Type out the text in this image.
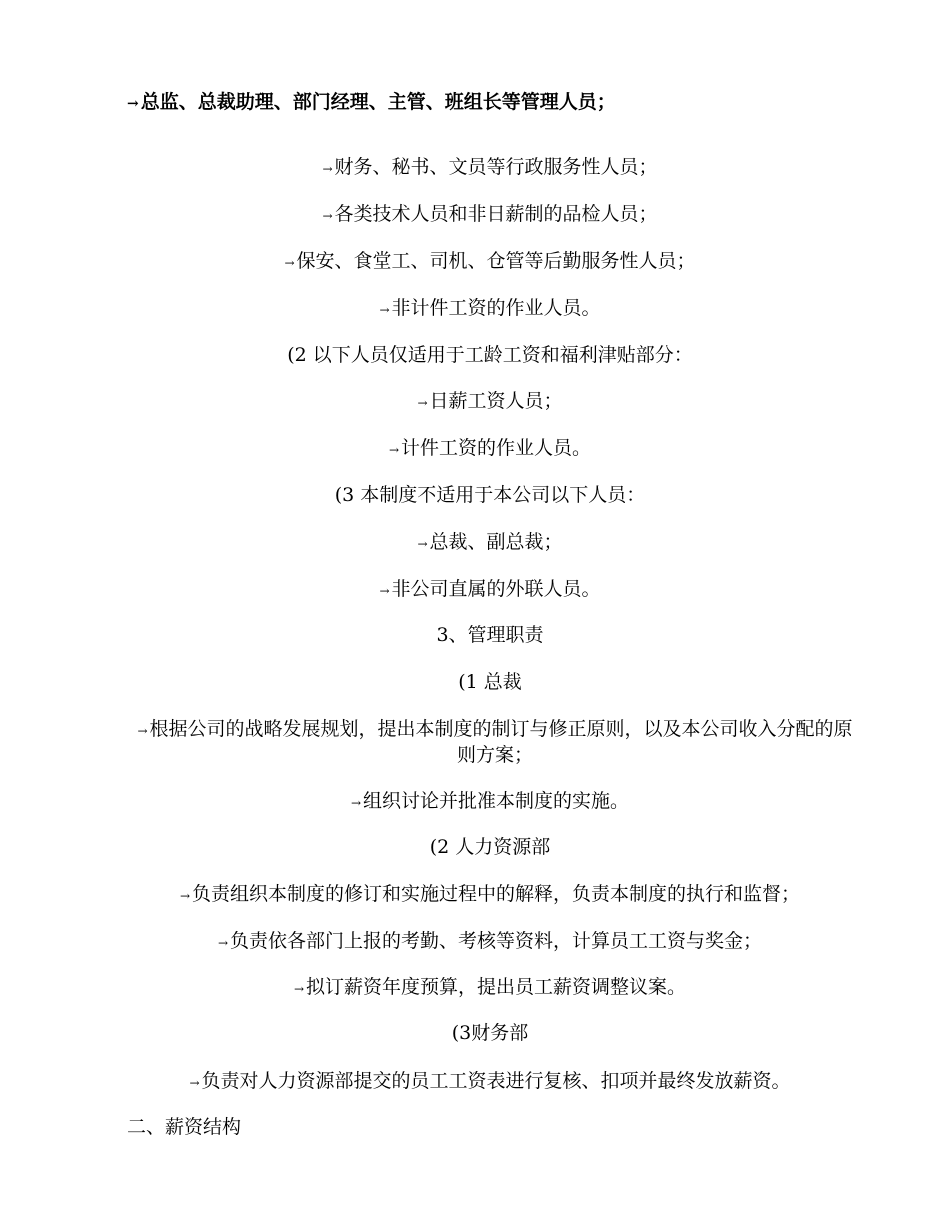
→ 总监、总裁助理、部门经理、主管、班组长等管理人员；
→ 财务、秘书、文员等行政服务性人员；
→ 各类技术人员和非日薪制的品检人员；
→ 保安、食堂工、司机、仓管等后勤服务性人员；
→ 非计件工资的作业人员。
(2 以下人员仅适用于工龄工资和福利津贴部分：
→ 日薪工资人员；
→ 计件工资的作业人员。
(3 本制度不适用于本公司以下人员：
→ 总裁、副总裁；
→ 非公司直属的外联人员。
3、管理职责
(1 总裁
→ 根据公司的战略发展规划，提出本制度的制订与修正原则，以及本公司收入分配的原则方案；
→ 组织讨论并批准本制度的实施。
(2 人力资源部
→ 负责组织本制度的修订和实施过程中的解释，负责本制度的执行和监督；
→ 负责依各部门上报的考勤、考核等资料，计算员工工资与奖金；
→ 拟订薪资年度预算，提出员工薪资调整议案。
(3财务部
→ 负责对人力资源部提交的员工工资表进行复核、扣项并最终发放薪资。
二、薪资结构
